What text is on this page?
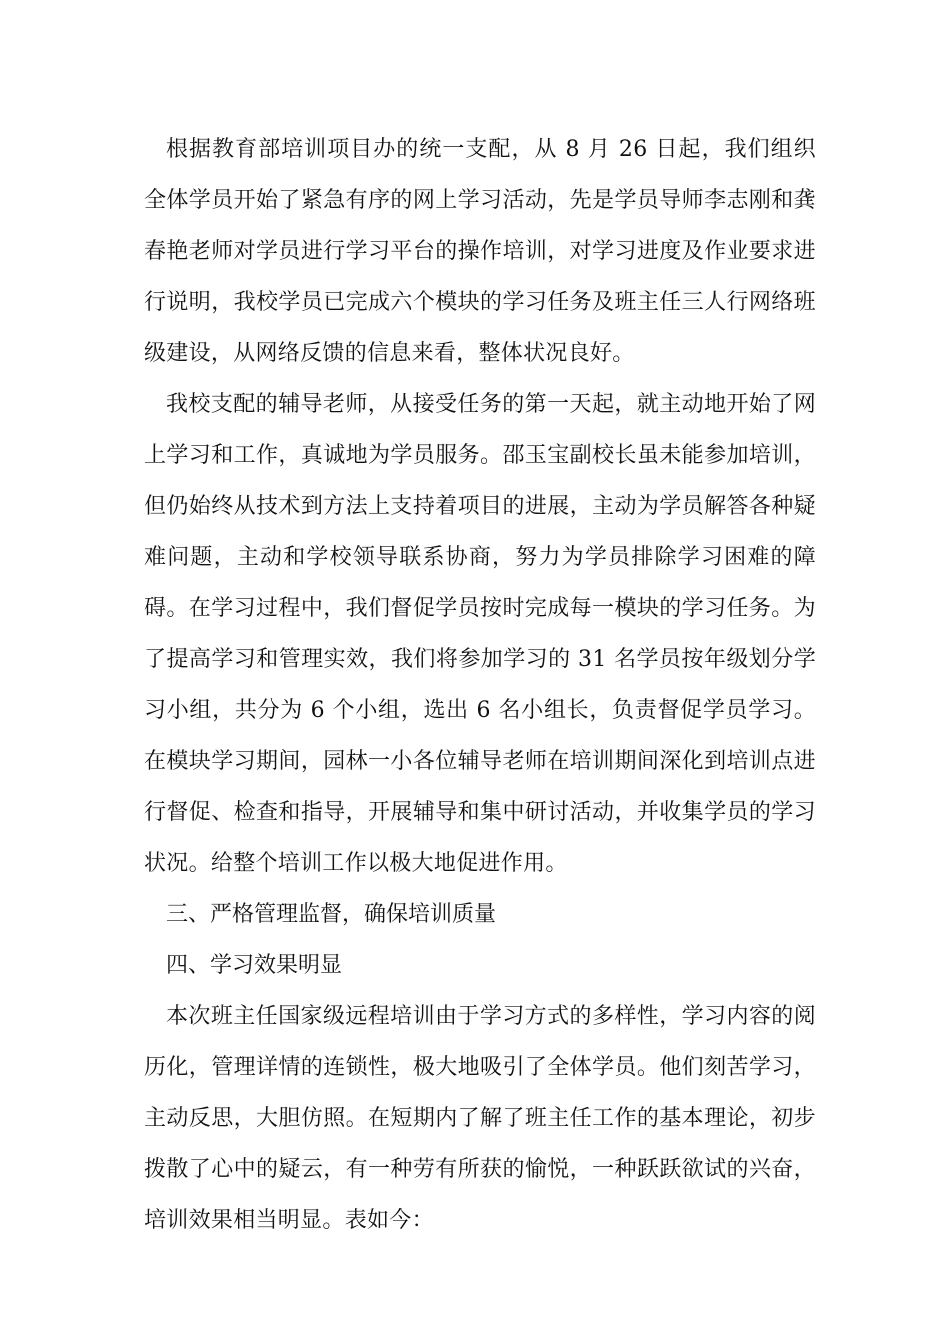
根据教育部培训项目办的统一支配，从 8 月 26 日起，我们组织全体学员开始了紧急有序的网上学习活动，先是学员导师李志刚和龚春艳老师对学员进行学习平台的操作培训，对学习进度及作业要求进行说明，我校学员已完成六个模块的学习任务及班主任三人行网络班级建设，从网络反馈的信息来看，整体状况良好。

我校支配的辅导老师，从接受任务的第一天起，就主动地开始了网上学习和工作，真诚地为学员服务。邵玉宝副校长虽未能参加培训，但仍始终从技术到方法上支持着项目的进展，主动为学员解答各种疑难问题，主动和学校领导联系协商，努力为学员排除学习困难的障碍。在学习过程中，我们督促学员按时完成每一模块的学习任务。为了提高学习和管理实效，我们将参加学习的 31 名学员按年级划分学习小组，共分为 6 个小组，选出 6 名小组长，负责督促学员学习。在模块学习期间，园林一小各位辅导老师在培训期间深化到培训点进行督促、检查和指导，开展辅导和集中研讨活动，并收集学员的学习状况。给整个培训工作以极大地促进作用。

三、严格管理监督，确保培训质量

四、学习效果明显

本次班主任国家级远程培训由于学习方式的多样性，学习内容的阅历化，管理详情的连锁性，极大地吸引了全体学员。他们刻苦学习，主动反思，大胆仿照。在短期内了解了班主任工作的基本理论，初步拨散了心中的疑云，有一种劳有所获的愉悦，一种跃跃欲试的兴奋，培训效果相当明显。表如今：
